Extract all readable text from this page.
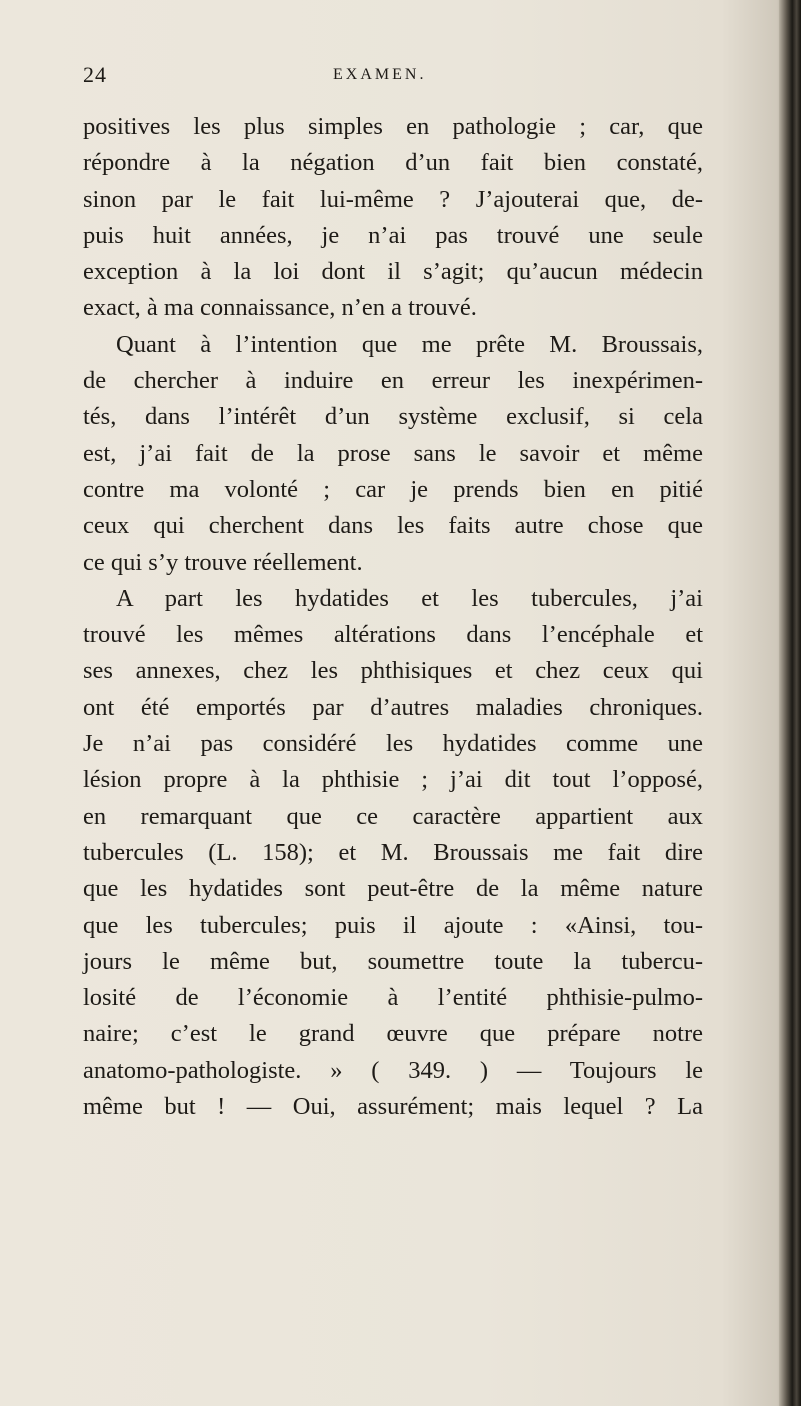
24	EXAMEN.
positives les plus simples en pathologie ; car, que
répondre à la négation d’un fait bien constaté,
sinon par le fait lui-même ? J’ajouterai que, de-
puis huit années, je n’ai pas trouvé une seule
exception à la loi dont il s’agit; qu’aucun médecin
exact, à ma connaissance, n’en a trouvé.
Quant à l’intention que me prête M. Broussais,
de chercher à induire en erreur les inexpérimen-
tés, dans l’intérêt d’un système exclusif, si cela
est, j’ai fait de la prose sans le savoir et même
contre ma volonté ; car je prends bien en pitié
ceux qui cherchent dans les faits autre chose que
ce qui s’y trouve réellement.
A part les hydatides et les tubercules, j’ai
trouvé les mêmes altérations dans l’encéphale et
ses annexes, chez les phthisiques et chez ceux qui
ont été emportés par d’autres maladies chroniques.
Je n’ai pas considéré les hydatides comme une
lésion propre à la phthisie ; j’ai dit tout l’opposé,
en remarquant que ce caractère appartient aux
tubercules (L. 158); et M. Broussais me fait dire
que les hydatides sont peut-être de la même nature
que les tubercules; puis il ajoute : «Ainsi, tou-
jours le même but, soumettre toute la tubercu-
losité de l’économie à l’entité phthisie-pulmo-
naire; c’est le grand œuvre que prépare notre
anatomo-pathologiste. » ( 349. ) — Toujours le
même but ! — Oui, assurément; mais lequel ? La
